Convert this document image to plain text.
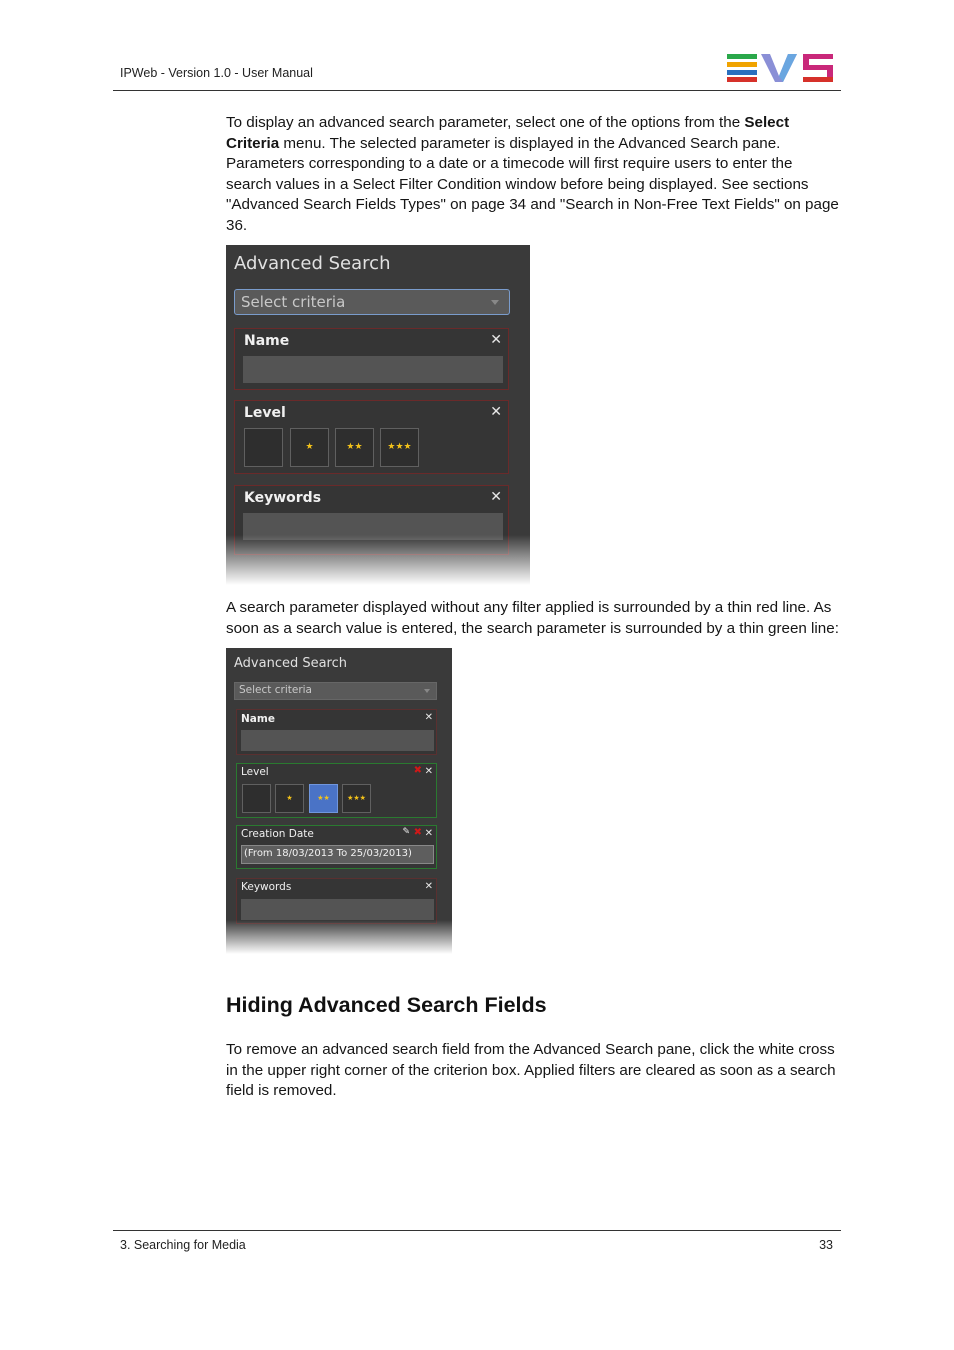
IPWeb - Version 1.0 - User Manual

To display an advanced search parameter, select one of the options from the Select Criteria menu. The selected parameter is displayed in the Advanced Search pane. Parameters corresponding to a date or a timecode will first require users to enter the search values in a Select Filter Condition window before being displayed. See sections "Advanced Search Fields Types" on page 34 and "Search in Non-Free Text Fields" on page 36.

Advanced Search
Select criteria
Name	✕
Level	✕
★	★★	★★★
Keywords	✕

A search parameter displayed without any filter applied is surrounded by a thin red line. As soon as a search value is entered, the search parameter is surrounded by a thin green line:

Advanced Search
Select criteria
Name	✕
Level	✖ ✕
★	★★	★★★
Creation Date	✎ ✖ ✕
(From 18/03/2013 To 25/03/2013)
Keywords	✕
Hiding Advanced Search Fields

To remove an advanced search field from the Advanced Search pane, click the white cross in the upper right corner of the criterion box. Applied filters are cleared as soon as a search field is removed.

3. Searching for Media	33
